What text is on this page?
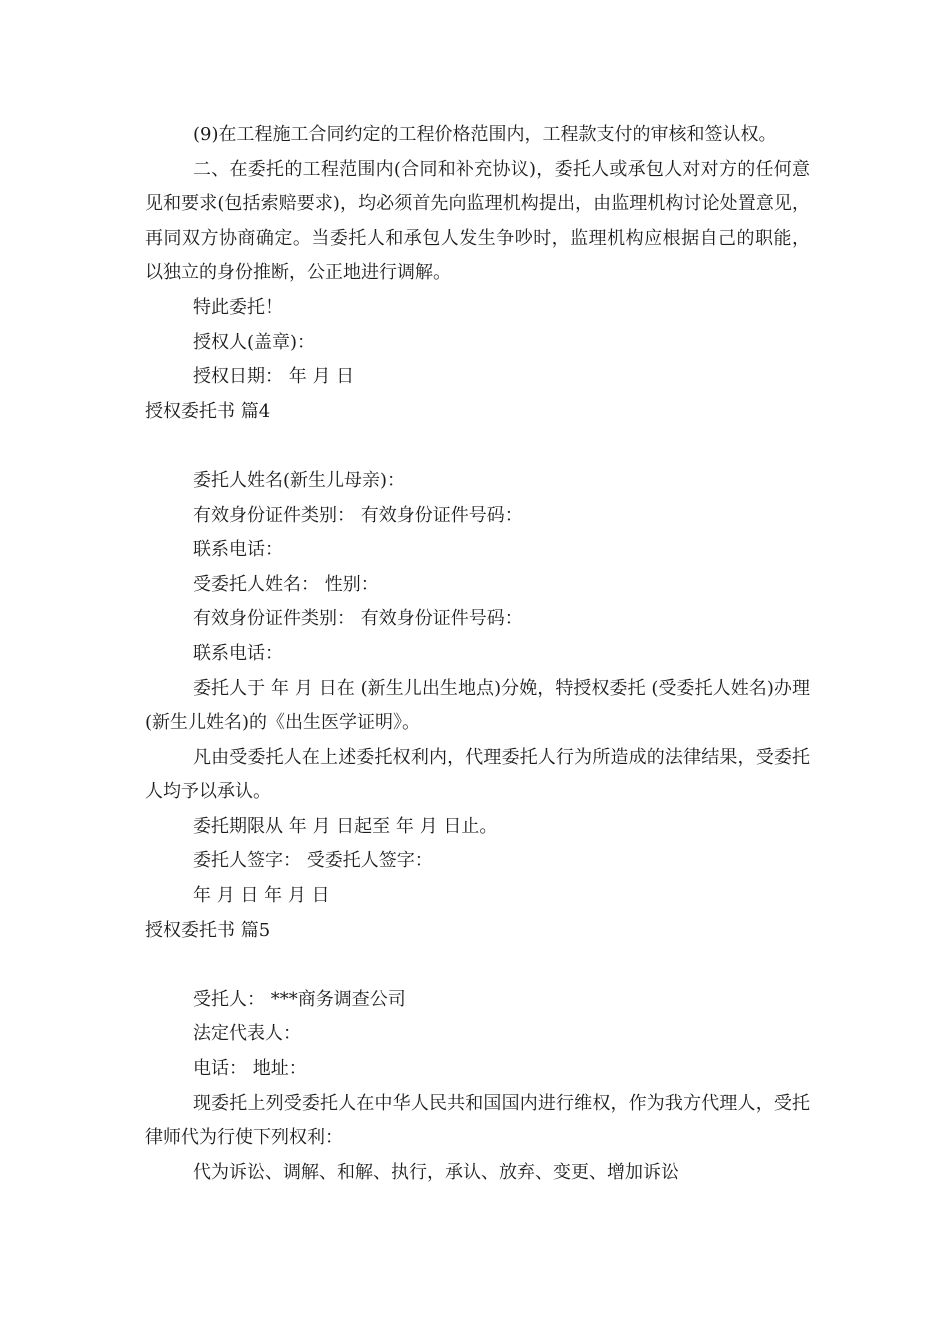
(9)在工程施工合同约定的工程价格范围内，工程款支付的审核和签认权。

二、在委托的工程范围内(合同和补充协议)，委托人或承包人对对方的任何意见和要求(包括索赔要求)，均必须首先向监理机构提出，由监理机构讨论处置意见，再同双方协商确定。当委托人和承包人发生争吵时，监理机构应根据自己的职能，以独立的身份推断，公正地进行调解。

特此委托！

授权人(盖章)：

授权日期： 年 月 日

授权委托书 篇4

委托人姓名(新生儿母亲)：

有效身份证件类别： 有效身份证件号码：

联系电话：

受委托人姓名： 性别：

有效身份证件类别： 有效身份证件号码：

联系电话：

委托人于 年 月 日在 (新生儿出生地点)分娩，特授权委托 (受委托人姓名)办理(新生儿姓名)的《出生医学证明》。

凡由受委托人在上述委托权利内，代理委托人行为所造成的法律结果，受委托人均予以承认。

委托期限从 年 月 日起至 年 月 日止。

委托人签字： 受委托人签字：

年 月 日 年 月 日

授权委托书 篇5

受托人： ***商务调查公司

法定代表人：

电话： 地址：

现委托上列受委托人在中华人民共和国国内进行维权，作为我方代理人，受托律师代为行使下列权利：

代为诉讼、调解、和解、执行，承认、放弃、变更、增加诉讼
